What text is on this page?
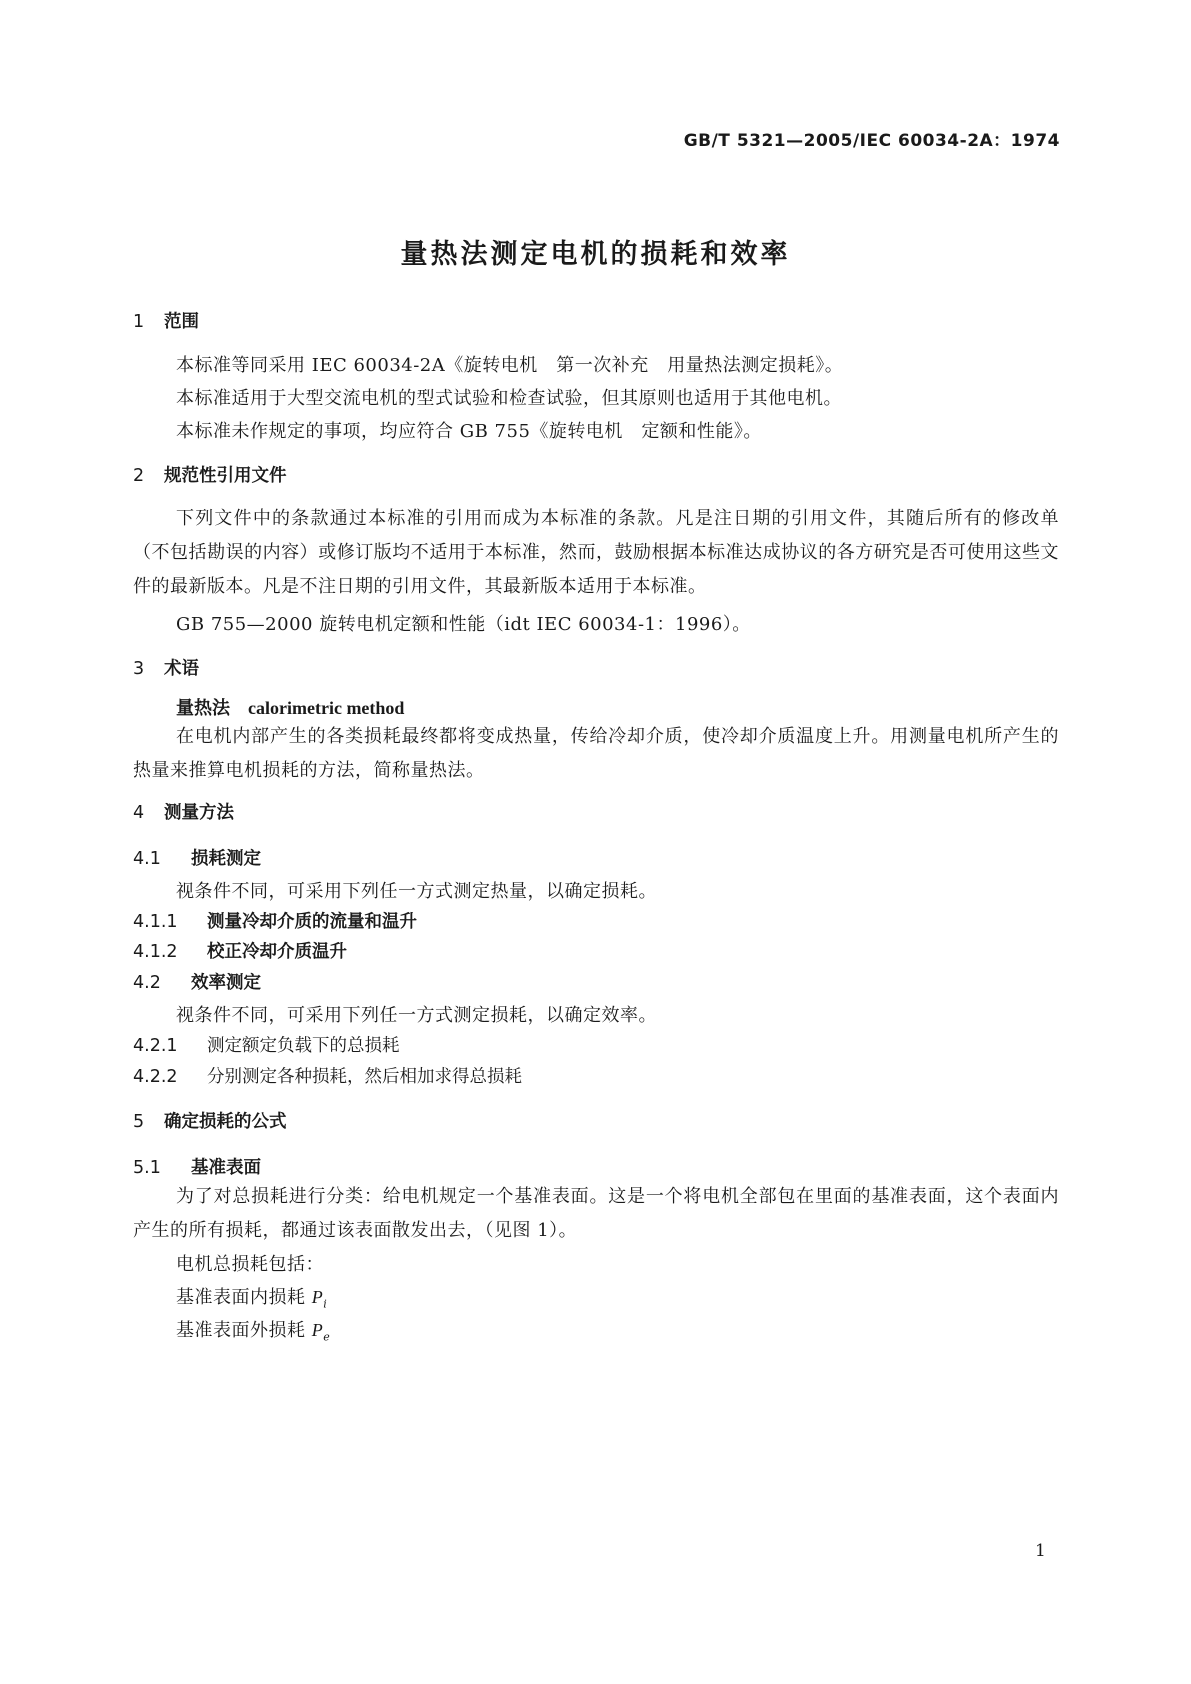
GB/T 5321—2005/IEC 60034-2A：1974
量热法测定电机的损耗和效率
1 范围
本标准等同采用 IEC 60034-2A《旋转电机　第一次补充　用量热法测定损耗》。
本标准适用于大型交流电机的型式试验和检查试验，但其原则也适用于其他电机。
本标准未作规定的事项，均应符合 GB 755《旋转电机　定额和性能》。
2 规范性引用文件
下列文件中的条款通过本标准的引用而成为本标准的条款。凡是注日期的引用文件，其随后所有的修改单（不包括勘误的内容）或修订版均不适用于本标准，然而，鼓励根据本标准达成协议的各方研究是否可使用这些文件的最新版本。凡是不注日期的引用文件，其最新版本适用于本标准。
GB 755—2000 旋转电机定额和性能（idt IEC 60034-1：1996）。
3 术语
量热法 calorimetric method
在电机内部产生的各类损耗最终都将变成热量，传给冷却介质，使冷却介质温度上升。用测量电机所产生的热量来推算电机损耗的方法，简称量热法。
4 测量方法
4.1 损耗测定
视条件不同，可采用下列任一方式测定热量，以确定损耗。
4.1.1 测量冷却介质的流量和温升
4.1.2 校正冷却介质温升
4.2 效率测定
视条件不同，可采用下列任一方式测定损耗，以确定效率。
4.2.1 测定额定负载下的总损耗
4.2.2 分别测定各种损耗，然后相加求得总损耗
5 确定损耗的公式
5.1 基准表面
为了对总损耗进行分类：给电机规定一个基准表面。这是一个将电机全部包在里面的基准表面，这个表面内产生的所有损耗，都通过该表面散发出去，（见图 1）。
电机总损耗包括：
基准表面内损耗 $P_i$
基准表面外损耗 $P_e$
1
